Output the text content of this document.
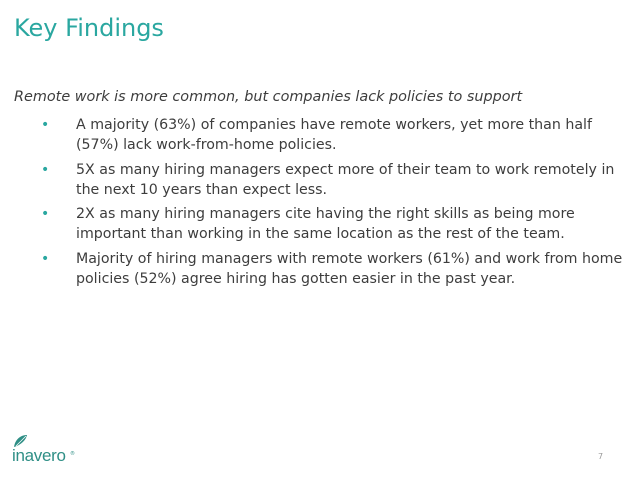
Key Findings
Remote work is more common, but companies lack policies to support
• A majority (63%) of companies have remote workers, yet more than half (57%) lack work-from-home policies.
• 5X as many hiring managers expect more of their team to work remotely in the next 10 years than expect less.
• 2X as many hiring managers cite having the right skills as being more important than working in the same location as the rest of the team.
• Majority of hiring managers with remote workers (61%) and work from home policies (52%) agree hiring has gotten easier in the past year.
inavero ®	7
